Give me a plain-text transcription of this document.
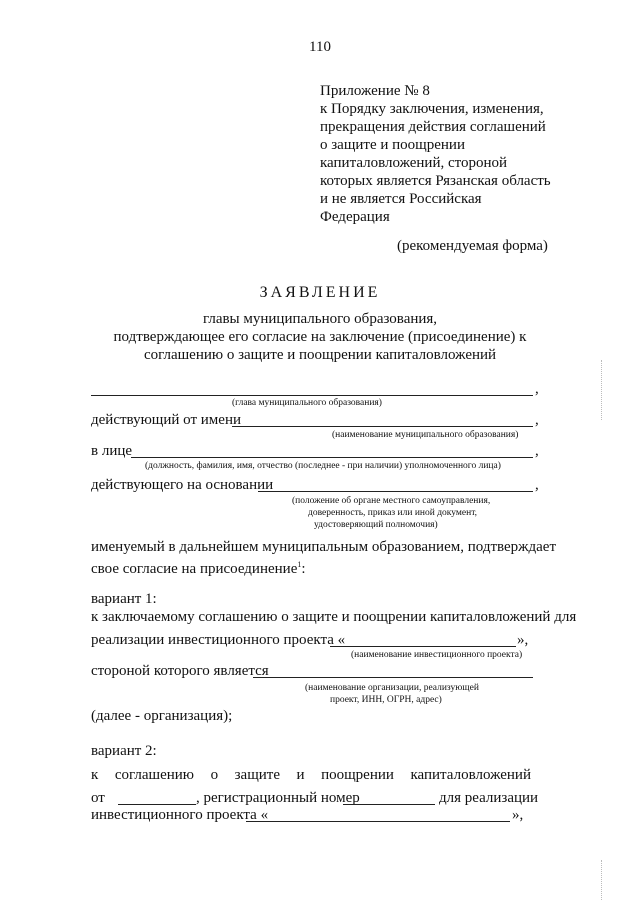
110
Приложение № 8
к Порядку заключения, изменения,
прекращения действия соглашений
о защите и поощрении
капиталовложений, стороной
которых является Рязанская область
и не является Российская
Федерация
(рекомендуемая форма)
ЗАЯВЛЕНИЕ
главы муниципального образования,
подтверждающее его согласие на заключение (присоединение) к
соглашению о защите и поощрении капиталовложений
,
(глава муниципального образования)
действующий от имени	,
(наименование муниципального образования)
в лице	,
(должность, фамилия, имя, отчество (последнее - при наличии) уполномоченного лица)
действующего на основании	,
(положение об органе местного самоуправления,
доверенность, приказ или иной документ,
удостоверяющий полномочия)
именуемый в дальнейшем муниципальным образованием, подтверждает
свое согласие на присоединение$^1$:
вариант 1:
к заключаемому соглашению о защите и поощрении капиталовложений для
реализации инвестиционного проекта «	»,
(наименование инвестиционного проекта)
стороной которого является
(наименование организации, реализующей
проект, ИНН, ОГРН, адрес)
(далее - организация);
вариант 2:
к соглашению о защите и поощрении капиталовложений
от	, регистрационный номер	для реализации
инвестиционного проекта «	»,
